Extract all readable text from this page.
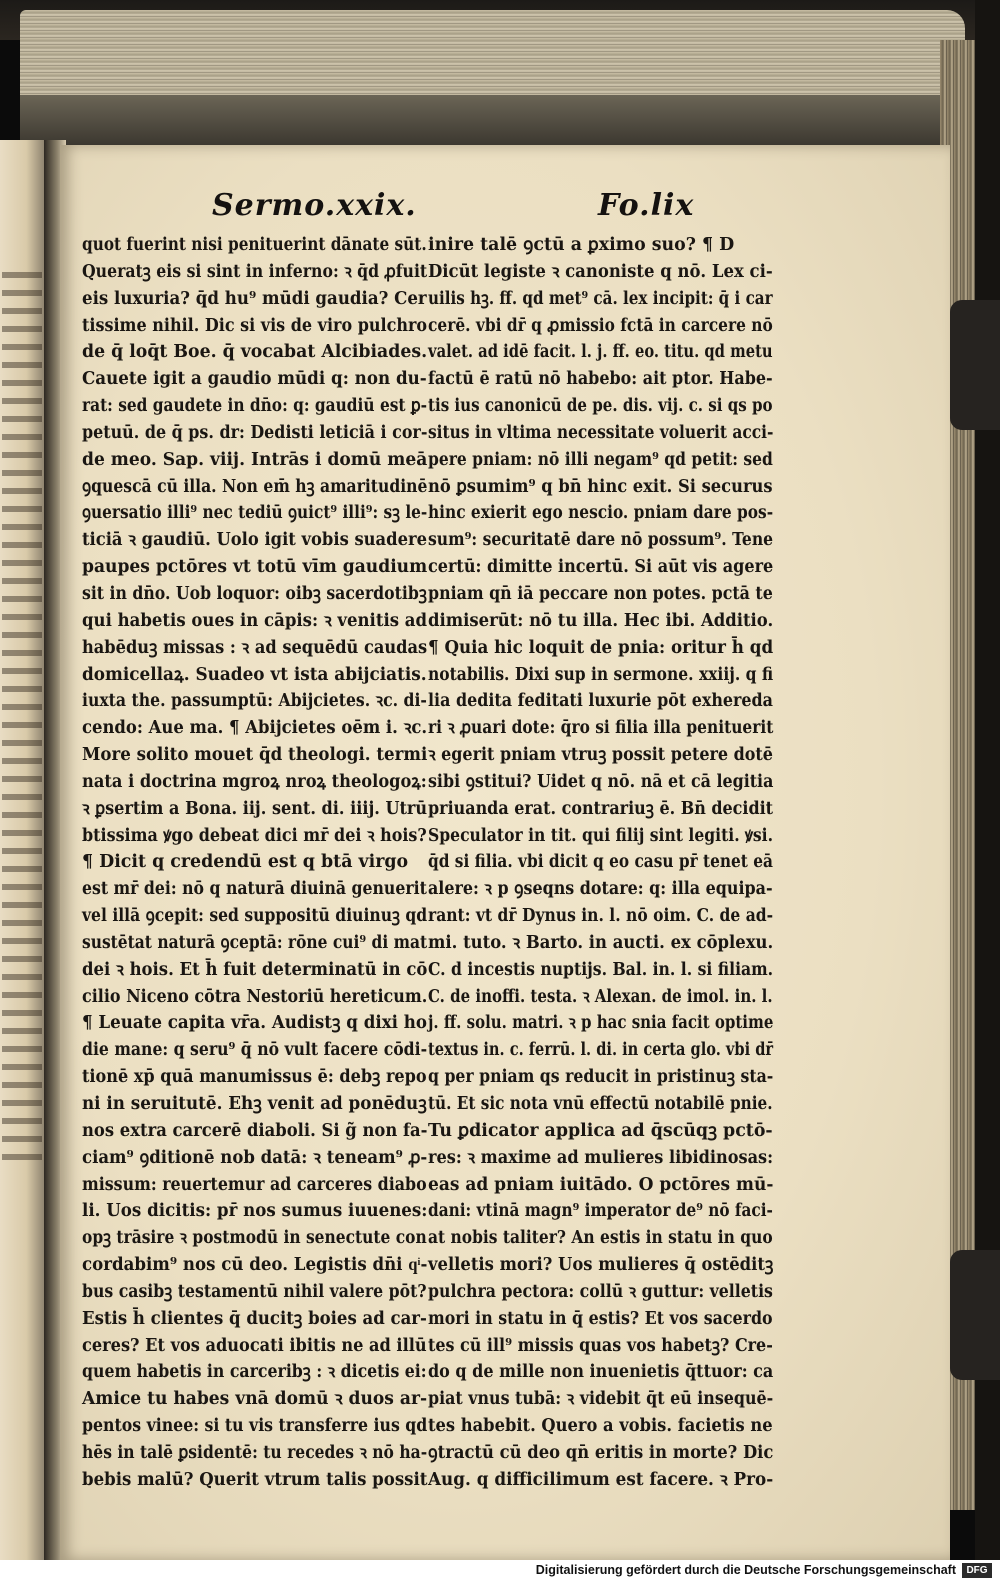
Sermo.xxix.	Fo.lix
quot fuerint nisi penituerint dānate sūt.
Queratꝫ eis si sint in inferno: ꝛ q̄d ꝓfuit
eis luxuria? q̄d hu⁹ mūdi gaudia? Cer
tissime nihil. Dic si vis de viro pulchro
de q̄ loq̄t Boe. q̄ vocabat Alcibiades.
Cauete igit a gaudio mūdi q: non du‑
rat: sed gaudete in dn̄o: q: gaudiū est ꝑ‑
petuū. de q̄ ps. dr: Dedisti leticiā i cor‑
de meo. Sap. viij. Intrās i domū meā
ꝯquescā cū illa. Non em̄ hꝫ amaritudinē
ꝯuersatio illi⁹ nec tediū ꝯuict⁹ illi⁹: sꝫ le‑
ticiā ꝛ gaudiū. Uolo igit vobis suadere
paupes pctōres vt totū vīm gaudium
sit in dn̄o. Uob loquor: oibꝫ sacerdotibꝫ
qui habetis oues in cāpis: ꝛ venitis ad
habēduꝫ missas : ꝛ ad sequēdū caudas
domicellaꝝ. Suadeo vt ista abijciatis.
iuxta the. passumptū: Abijcietes. ꝛc. di‑
cendo: Aue ma. ¶ Abijcietes oēm i. ꝛc.
More solito mouet q̄d theologi. termi
nata i doctrina mgroꝝ nroꝝ theologoꝝ:
ꝛ ꝑsertim a Bona. iij. sent. di. iiij. Utrū
btissima ꝟgo debeat dici mr̄ dei ꝛ hois?
¶ Dicit q credendū est q btā virgo
est mr̄ dei: nō q naturā diuinā genuerit
vel illā ꝯcepit: sed suppositū diuinuꝫ qd
sustētat naturā ꝯceptā: rōne cui⁹ di mat
dei ꝛ hois. Et h̄ fuit determinatū in cō
cilio Niceno cōtra Nestoriū hereticum.
¶ Leuate capita vr̄a. Audistꝫ q dixi ho
die mane: q seru⁹ q̄ nō vult facere cōdi‑
tionē xp̄ quā manumissus ē: debꝫ repo
ni in seruitutē. Ehꝫ venit ad ponēduꝫ
nos extra carcerē diaboli. Si g̃ non fa‑
ciam⁹ ꝯditionē nob datā: ꝛ teneam⁹ ꝓ‑
missum: reuertemur ad carceres diabo
li. Uos dicitis: pr̄ nos sumus iuuenes:
opꝫ trāsire ꝛ postmodū in senectute con
cordabim⁹ nos cū deo. Legistis dn̄i qͥ‑
bus casibꝫ testamentū nihil valere pōt?
Estis h̄ clientes q̄ ducitꝫ boies ad car‑
ceres? Et vos aduocati ibitis ne ad illū
quem habetis in carceribꝫ : ꝛ dicetis ei:
Amice tu habes vnā domū ꝛ duos ar‑
pentos vinee: si tu vis transferre ius qd
hēs in talē ꝑsidentē: tu recedes ꝛ nō ha‑
bebis malū? Querit vtrum talis possit
inire talē ꝯctū a ꝑximo suo? ¶ D
Dicūt legiste ꝛ canoniste q nō. Lex ci‑
uilis hꝫ. ff. qd met⁹ cā. lex incipit: q̄ i car
cerē. vbi dr̄ q ꝓmissio fctā in carcere nō
valet. ad idē facit. l. j. ff. eo. titu. qd metu
factū ē ratū nō habebo: ait ptor. Habe‑
tis ius canonicū de pe. dis. vij. c. si qs po
situs in vltima necessitate voluerit acci‑
pere pniam: nō illi negam⁹ qd petit: sed
nō ꝑsumim⁹ q bn̄ hinc exit. Si securus
hinc exierit ego nescio. pniam dare pos‑
sum⁹: securitatē dare nō possum⁹. Tene
certū: dimitte incertū. Si aūt vis agere
pniam qn̄ iā peccare non potes. pctā te
dimiserūt: nō tu illa. Hec ibi. Additio.
¶ Quia hic loquit de pnia: oritur h̄ qd
notabilis. Dixi sup in sermone. xxiij. q fi
lia dedita feditati luxurie pōt exhereda
ri ꝛ ꝓuari dote: q̄ro si filia illa penituerit
ꝛ egerit pniam vtruꝫ possit petere dotē
sibi ꝯstitui? Uidet q nō. nā et cā legitia
priuanda erat. contrariuꝫ ē. Bn̄ decidit
Speculator in tit. qui filij sint legiti. ꝟsi.
q̄d si filia. vbi dicit q eo casu pr̄ tenet eā
alere: ꝛ p ꝯseqns dotare: q: illa equipa‑
rant: vt dr̄ Dynus in. l. nō oim. C. de ad‑
mi. tuto. ꝛ Barto. in aucti. ex cōplexu.
C. d incestis nuptijs. Bal. in. l. si filiam.
C. de inoffi. testa. ꝛ Alexan. de imol. in. l.
j. ff. solu. matri. ꝛ p hac snia facit optime
textus in. c. ferrū. l. di. in certa glo. vbi dr̄
q per pniam qs reducit in pristinuꝫ sta‑
tū. Et sic nota vnū effectū notabilē pnie.
Tu ꝑdicator applica ad q̄scūqꝫ pctō‑
res: ꝛ maxime ad mulieres libidinosas:
eas ad pniam iuitādo. O pctōres mū‑
dani: vtinā magn⁹ imperator de⁹ nō faci‑
at nobis taliter? An estis in statu in quo
velletis mori? Uos mulieres q̄ ostēditꝫ
pulchra pectora: collū ꝛ guttur: velletis
mori in statu in q̄ estis? Et vos sacerdo
tes cū ill⁹ missis quas vos habetꝫ? Cre‑
do q de mille non inuenietis q̄ttuor: ca
piat vnus tubā: ꝛ videbit q̄t eū insequē‑
tes habebit. Quero a vobis. facietis ne
ꝯtractū cū deo qn̄ eritis in morte? Dic
Aug. q difficilimum est facere. ꝛ Pro‑
Digitalisierung gefördert durch die Deutsche Forschungsgemeinschaft	DFG
